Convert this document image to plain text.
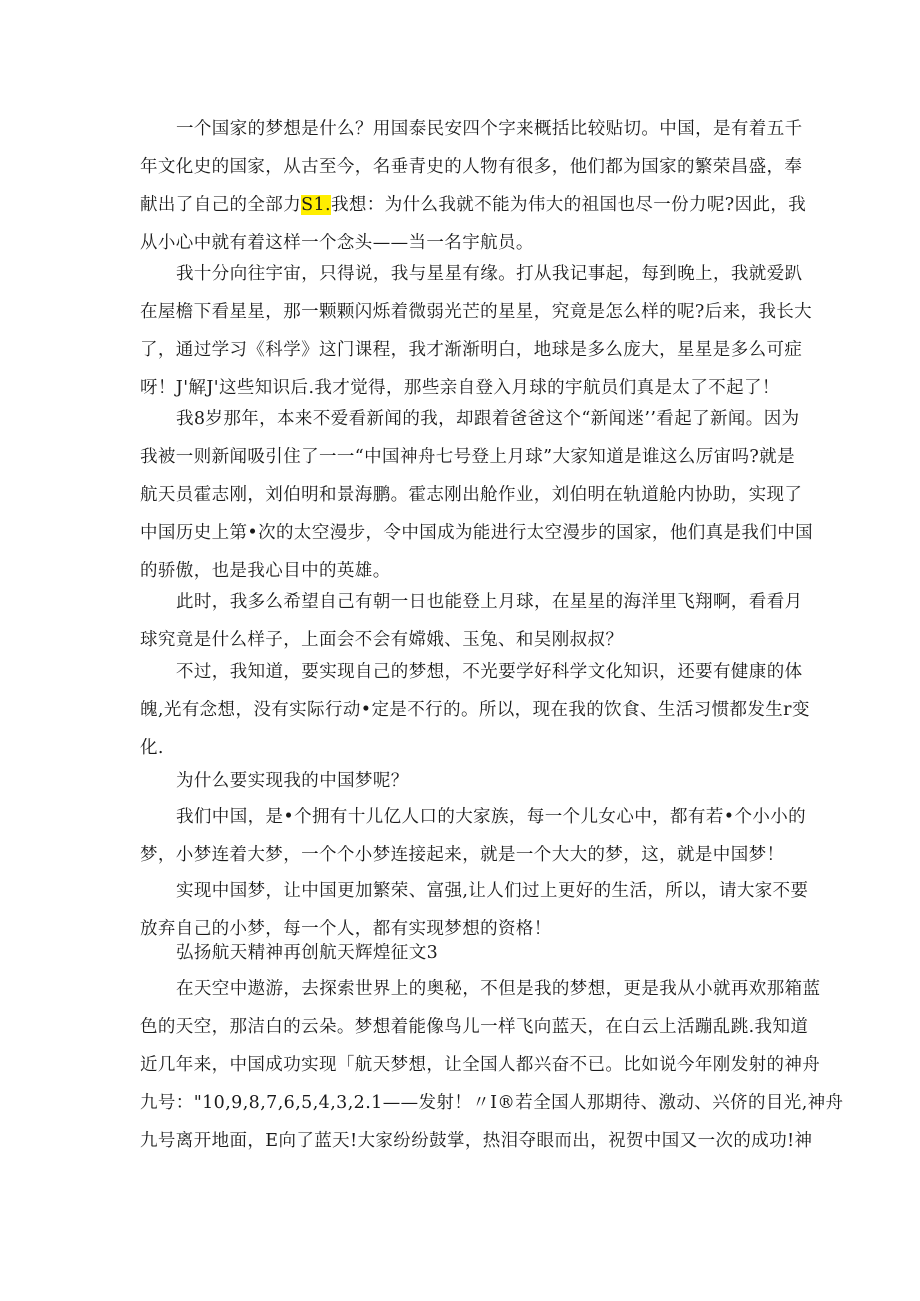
一个国家的梦想是什么？用国泰民安四个字来概括比较贴切。中国，是有着五千
年文化史的国家，从古至今，名垂青史的人物有很多，他们都为国家的繁荣昌盛，奉
献出了自己的全部力S1.我想：为什么我就不能为伟大的祖国也尽一份力呢?因此，我
从小心中就有着这样一个念头——当一名宇航员。
我十分向往宇宙，只得说，我与星星有缘。打从我记事起，每到晚上，我就爱趴
在屋檐下看星星，那一颗颗闪烁着微弱光芒的星星，究竟是怎么样的呢?后来，我长大
了，通过学习《科学》这门课程，我才渐渐明白，地球是多么庞大，星星是多么可症
呀！J'解J'这些知识后.我才觉得，那些亲自登入月球的宇航员们真是太了不起了！
我8岁那年，本来不爱看新闻的我，却跟着爸爸这个“新闻迷’’看起了新闻。因为
我被一则新闻吸引住了一一“中国神舟七号登上月球”大家知道是谁这么厉宙吗?就是
航天员霍志刚，刘伯明和景海鹏。霍志刚出舱作业，刘伯明在轨道舱内协助，实现了
中国历史上第•次的太空漫步，令中国成为能进行太空漫步的国家，他们真是我们中国
的骄傲，也是我心目中的英雄。
此时，我多么希望自己有朝一日也能登上月球，在星星的海洋里飞翔啊，看看月
球究竟是什么样子，上面会不会有嫦娥、玉兔、和吴刚叔叔？
不过，我知道，要实现自己的梦想，不光要学好科学文化知识，还要有健康的体
魄,光有念想，没有实际行动•定是不行的。所以，现在我的饮食、生活习惯都发生r变
化.
为什么要实现我的中国梦呢？
我们中国，是•个拥有十儿亿人口的大家族，每一个儿女心中，都有若•个小小的
梦，小梦连着大梦，一个个小梦连接起来，就是一个大大的梦，这，就是中国梦！
实现中国梦，让中国更加繁荣、富强,让人们过上更好的生活，所以，请大家不要
放弃自己的小梦，每一个人，都有实现梦想的资格！
弘扬航天精神再创航天辉煌征文3
在天空中遨游，去探索世界上的奥秘，不但是我的梦想，更是我从小就再欢那箱蓝
色的天空，那洁白的云朵。梦想着能像鸟儿一样飞向蓝天，在白云上活蹦乱跳.我知道
近几年来，中国成功实现「航天梦想，让全国人都兴奋不已。比如说今年刚发射的神舟
九号："10,9,8,7,6,5,4,3,2.1——发射！〃I®若全国人那期待、激动、兴侪的目光,神舟
九号离开地面，E向了蓝天!大家纷纷鼓掌，热泪夺眼而出，祝贺中国又一次的成功!神
